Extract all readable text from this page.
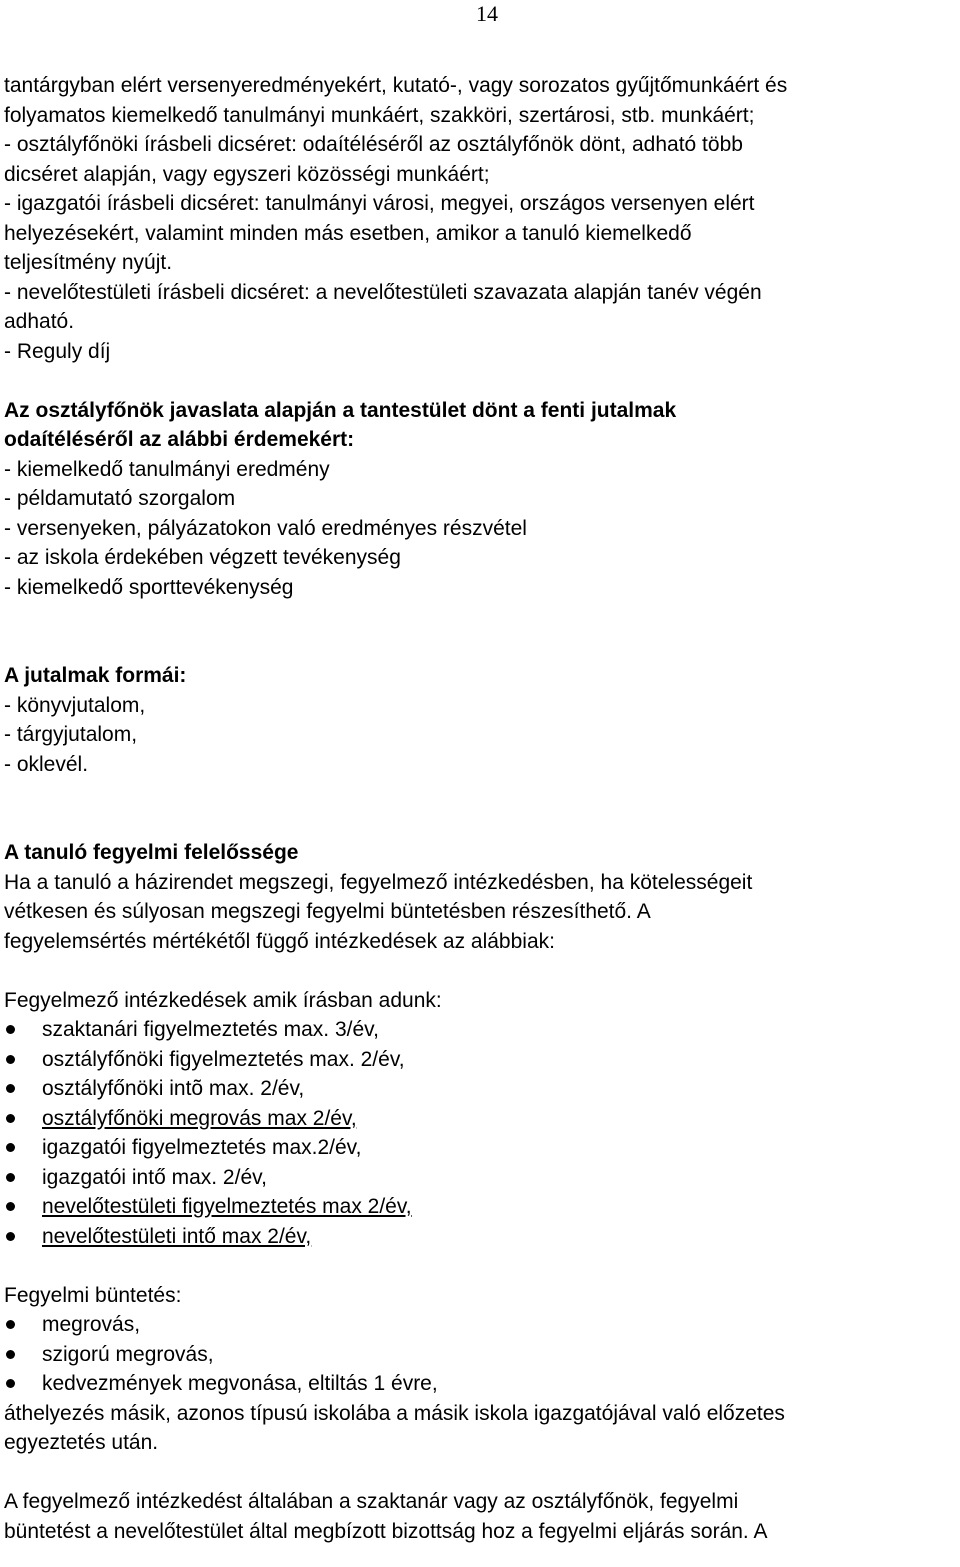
14
tantárgyban elért versenyeredményekért, kutató-, vagy sorozatos gyűjtőmunkáért és
folyamatos kiemelkedő tanulmányi munkáért, szakköri, szertárosi, stb. munkáért;
- osztályfőnöki írásbeli dicséret: odaítéléséről az osztályfőnök dönt, adható több
dicséret alapján, vagy egyszeri közösségi munkáért;
- igazgatói írásbeli dicséret: tanulmányi városi, megyei, országos versenyen elért
helyezésekért, valamint minden más esetben, amikor a tanuló kiemelkedő
teljesítmény nyújt.
- nevelőtestületi írásbeli dicséret: a nevelőtestületi szavazata alapján tanév végén
adható.
- Reguly díj
Az osztályfőnök javaslata alapján a tantestület dönt a fenti jutalmak
odaítéléséről az alábbi érdemekért:
- kiemelkedő tanulmányi eredmény
- példamutató szorgalom
- versenyeken, pályázatokon való eredményes részvétel
- az iskola érdekében végzett tevékenység
- kiemelkedő sporttevékenység
A jutalmak formái:
- könyvjutalom,
- tárgyjutalom,
- oklevél.
A tanuló fegyelmi felelőssége
Ha a tanuló a házirendet megszegi, fegyelmező intézkedésben, ha kötelességeit
vétkesen és súlyosan megszegi fegyelmi büntetésben részesíthető. A
fegyelemsértés mértékétől függő intézkedések az alábbiak:
Fegyelmező intézkedések amik írásban adunk:
szaktanári figyelmeztetés max. 3/év,
osztályfőnöki figyelmeztetés max. 2/év,
osztályfőnöki intõ max. 2/év,
osztályfőnöki megrovás max 2/év,
igazgatói figyelmeztetés max.2/év,
igazgatói intő max. 2/év,
nevelőtestületi figyelmeztetés max 2/év,
nevelőtestületi intő max 2/év,
Fegyelmi büntetés:
megrovás,
szigorú megrovás,
kedvezmények megvonása, eltiltás 1 évre,
áthelyezés másik, azonos típusú iskolába a másik iskola igazgatójával való előzetes
egyeztetés után.
A fegyelmező intézkedést általában a szaktanár vagy az osztályfőnök, fegyelmi
büntetést a nevelőtestület által megbízott bizottság hoz a fegyelmi eljárás során. A
